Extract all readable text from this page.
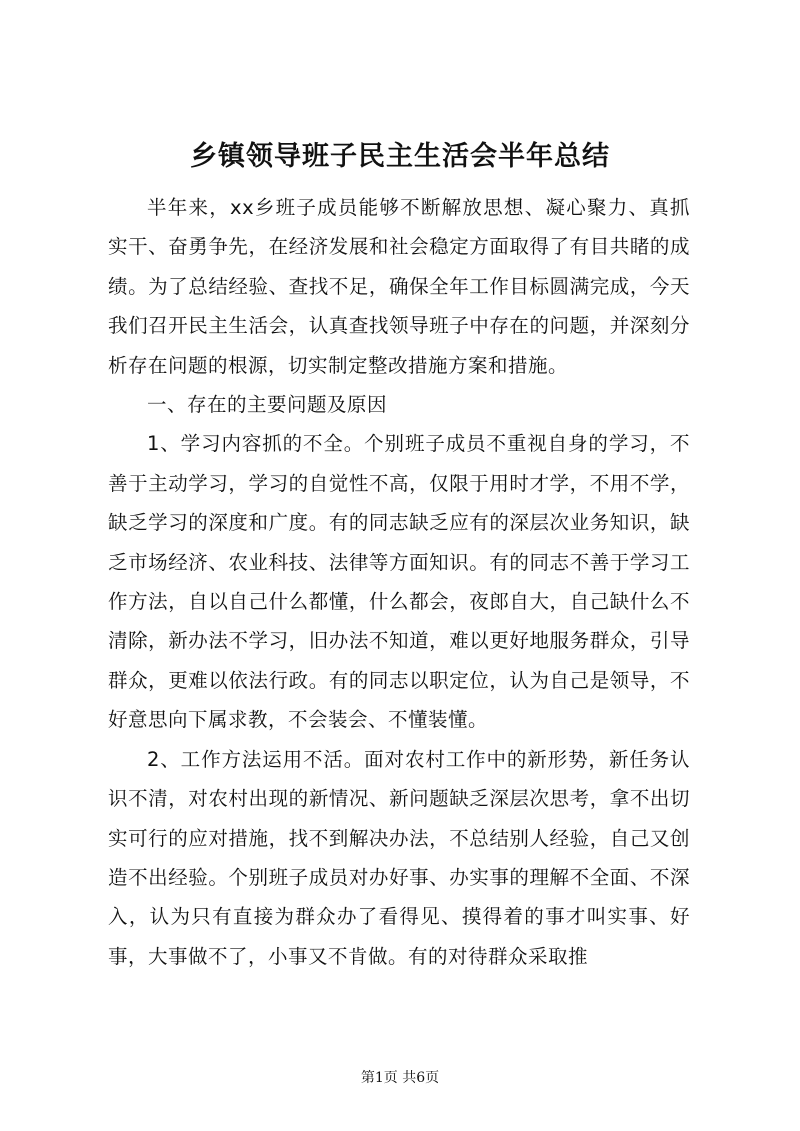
乡镇领导班子民主生活会半年总结

半年来，xx乡班子成员能够不断解放思想、凝心聚力、真抓实干、奋勇争先，在经济发展和社会稳定方面取得了有目共睹的成绩。为了总结经验、查找不足，确保全年工作目标圆满完成，今天我们召开民主生活会，认真查找领导班子中存在的问题，并深刻分析存在问题的根源，切实制定整改措施方案和措施。

一、存在的主要问题及原因

1、学习内容抓的不全。个别班子成员不重视自身的学习，不善于主动学习，学习的自觉性不高，仅限于用时才学，不用不学，缺乏学习的深度和广度。有的同志缺乏应有的深层次业务知识，缺乏市场经济、农业科技、法律等方面知识。有的同志不善于学习工作方法，自以自己什么都懂，什么都会，夜郎自大，自己缺什么不清除，新办法不学习，旧办法不知道，难以更好地服务群众，引导群众，更难以依法行政。有的同志以职定位，认为自己是领导，不好意思向下属求教，不会装会、不懂装懂。

2、工作方法运用不活。面对农村工作中的新形势，新任务认识不清，对农村出现的新情况、新问题缺乏深层次思考，拿不出切实可行的应对措施，找不到解决办法，不总结别人经验，自己又创造不出经验。个别班子成员对办好事、办实事的理解不全面、不深入，认为只有直接为群众办了看得见、摸得着的事才叫实事、好事，大事做不了，小事又不肯做。有的对待群众采取推

第1页 共6页
